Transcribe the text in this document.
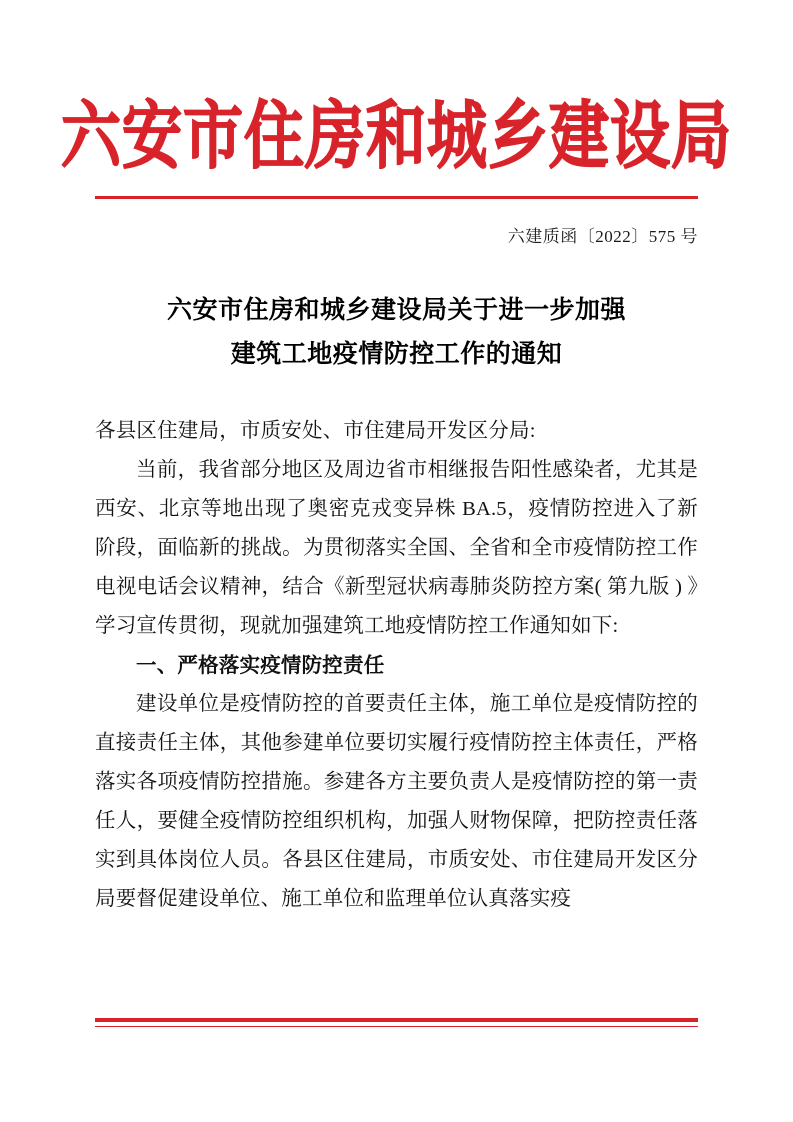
六安市住房和城乡建设局
六建质函〔2022〕575 号
六安市住房和城乡建设局关于进一步加强
建筑工地疫情防控工作的通知

各县区住建局，市质安处、市住建局开发区分局:

当前，我省部分地区及周边省市相继报告阳性感染者，尤其是西安、北京等地出现了奥密克戎变异株 BA.5，疫情防控进入了新阶段，面临新的挑战。为贯彻落实全国、全省和全市疫情防控工作电视电话会议精神，结合《新型冠状病毒肺炎防控方案( 第九版 ) 》学习宣传贯彻，现就加强建筑工地疫情防控工作通知如下:

一、严格落实疫情防控责任

建设单位是疫情防控的首要责任主体，施工单位是疫情防控的直接责任主体，其他参建单位要切实履行疫情防控主体责任，严格落实各项疫情防控措施。参建各方主要负责人是疫情防控的第一责任人，要健全疫情防控组织机构，加强人财物保障，把防控责任落实到具体岗位人员。各县区住建局，市质安处、市住建局开发区分局要督促建设单位、施工单位和监理单位认真落实疫
